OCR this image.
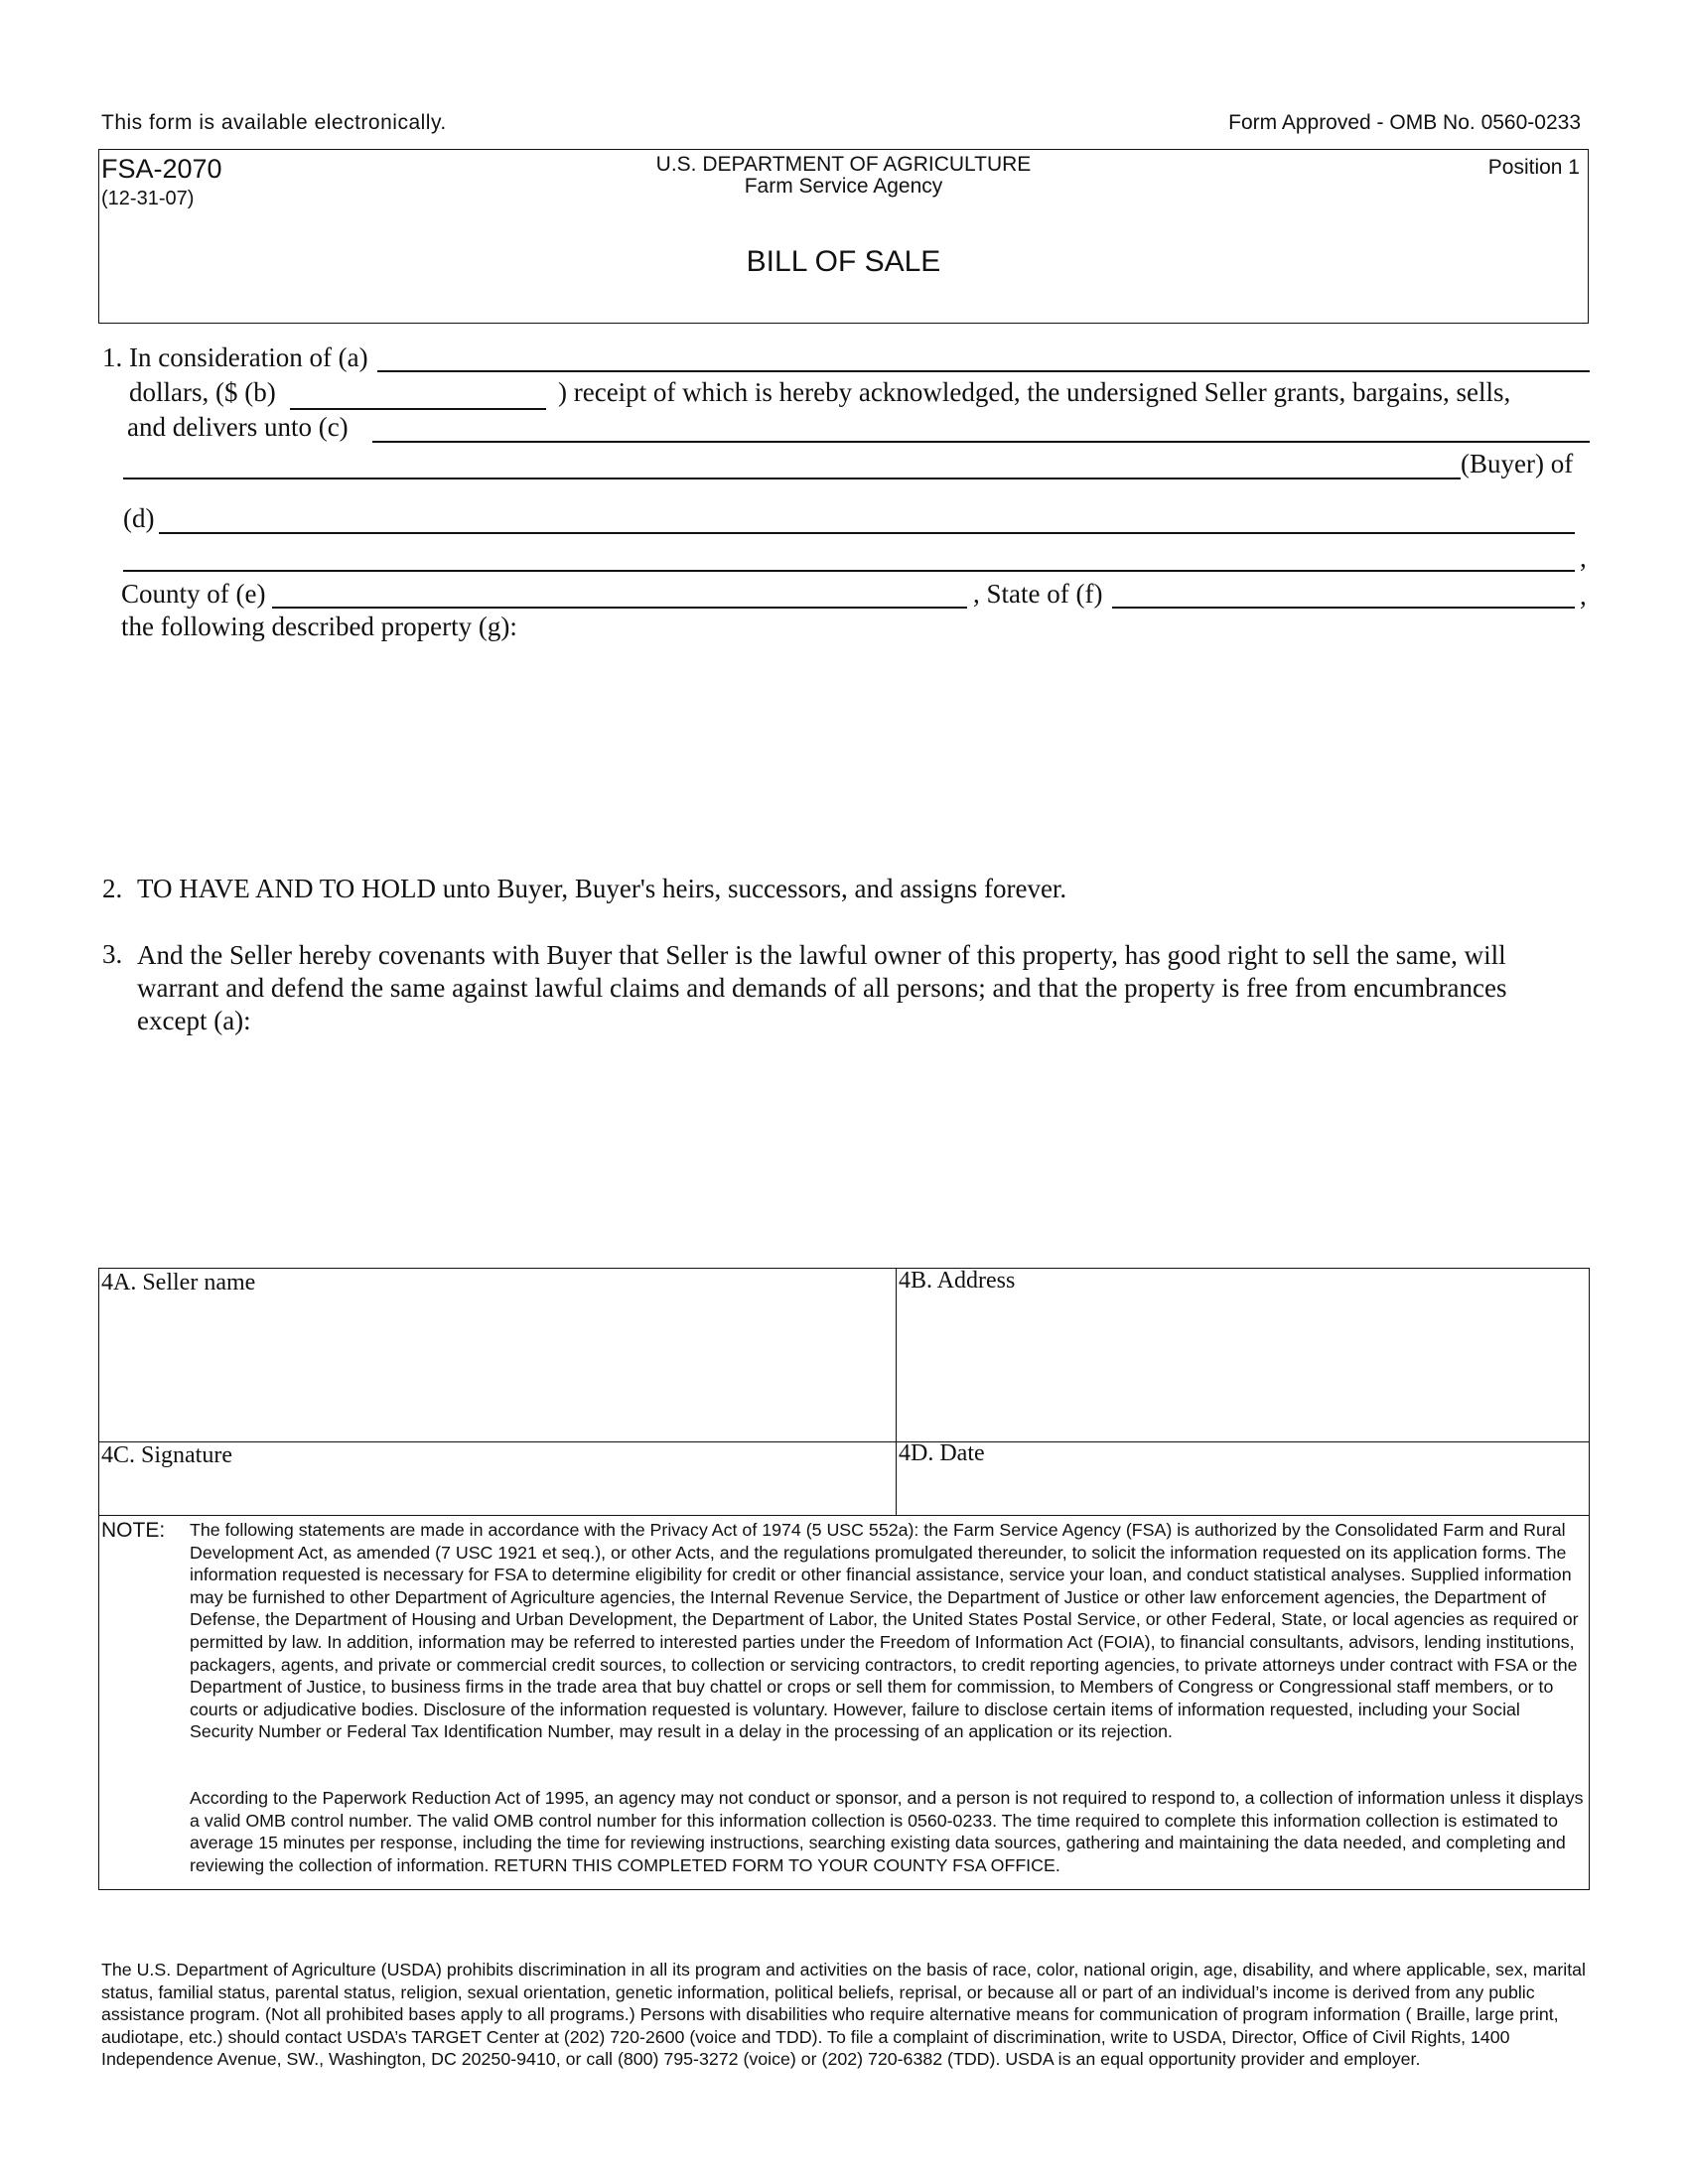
This form is available electronically.	Form Approved - OMB No. 0560-0233
FSA-2070
(12-31-07)
U.S. DEPARTMENT OF AGRICULTURE
Farm Service Agency
Position 1
BILL OF SALE
1. In consideration of (a)
dollars, ($ (b)	) receipt of which is hereby acknowledged, the undersigned Seller grants, bargains, sells,
and delivers unto (c)
(Buyer) of
(d)
,
County of (e)	, State of (f)	,
the following described property (g):
2. TO HAVE AND TO HOLD unto Buyer, Buyer's heirs, successors, and assigns forever.
3. And the Seller hereby covenants with Buyer that Seller is the lawful owner of this property, has good right to sell the same, will warrant and defend the same against lawful claims and demands of all persons; and that the property is free from encumbrances except (a):
4A. Seller name	4B. Address
4C. Signature	4D. Date
NOTE: The following statements are made in accordance with the Privacy Act of 1974 (5 USC 552a): the Farm Service Agency (FSA) is authorized by the Consolidated Farm and Rural Development Act, as amended (7 USC 1921 et seq.), or other Acts, and the regulations promulgated thereunder, to solicit the information requested on its application forms. The information requested is necessary for FSA to determine eligibility for credit or other financial assistance, service your loan, and conduct statistical analyses. Supplied information may be furnished to other Department of Agriculture agencies, the Internal Revenue Service, the Department of Justice or other law enforcement agencies, the Department of Defense, the Department of Housing and Urban Development, the Department of Labor, the United States Postal Service, or other Federal, State, or local agencies as required or permitted by law. In addition, information may be referred to interested parties under the Freedom of Information Act (FOIA), to financial consultants, advisors, lending institutions, packagers, agents, and private or commercial credit sources, to collection or servicing contractors, to credit reporting agencies, to private attorneys under contract with FSA or the Department of Justice, to business firms in the trade area that buy chattel or crops or sell them for commission, to Members of Congress or Congressional staff members, or to courts or adjudicative bodies. Disclosure of the information requested is voluntary. However, failure to disclose certain items of information requested, including your Social Security Number or Federal Tax Identification Number, may result in a delay in the processing of an application or its rejection.
According to the Paperwork Reduction Act of 1995, an agency may not conduct or sponsor, and a person is not required to respond to, a collection of information unless it displays a valid OMB control number. The valid OMB control number for this information collection is 0560-0233. The time required to complete this information collection is estimated to average 15 minutes per response, including the time for reviewing instructions, searching existing data sources, gathering and maintaining the data needed, and completing and reviewing the collection of information. RETURN THIS COMPLETED FORM TO YOUR COUNTY FSA OFFICE.
The U.S. Department of Agriculture (USDA) prohibits discrimination in all its program and activities on the basis of race, color, national origin, age, disability, and where applicable, sex, marital status, familial status, parental status, religion, sexual orientation, genetic information, political beliefs, reprisal, or because all or part of an individual’s income is derived from any public assistance program. (Not all prohibited bases apply to all programs.) Persons with disabilities who require alternative means for communication of program information ( Braille, large print, audiotape, etc.) should contact USDA’s TARGET Center at (202) 720-2600 (voice and TDD). To file a complaint of discrimination, write to USDA, Director, Office of Civil Rights, 1400 Independence Avenue, SW., Washington, DC 20250-9410, or call (800) 795-3272 (voice) or (202) 720-6382 (TDD). USDA is an equal opportunity provider and employer.
